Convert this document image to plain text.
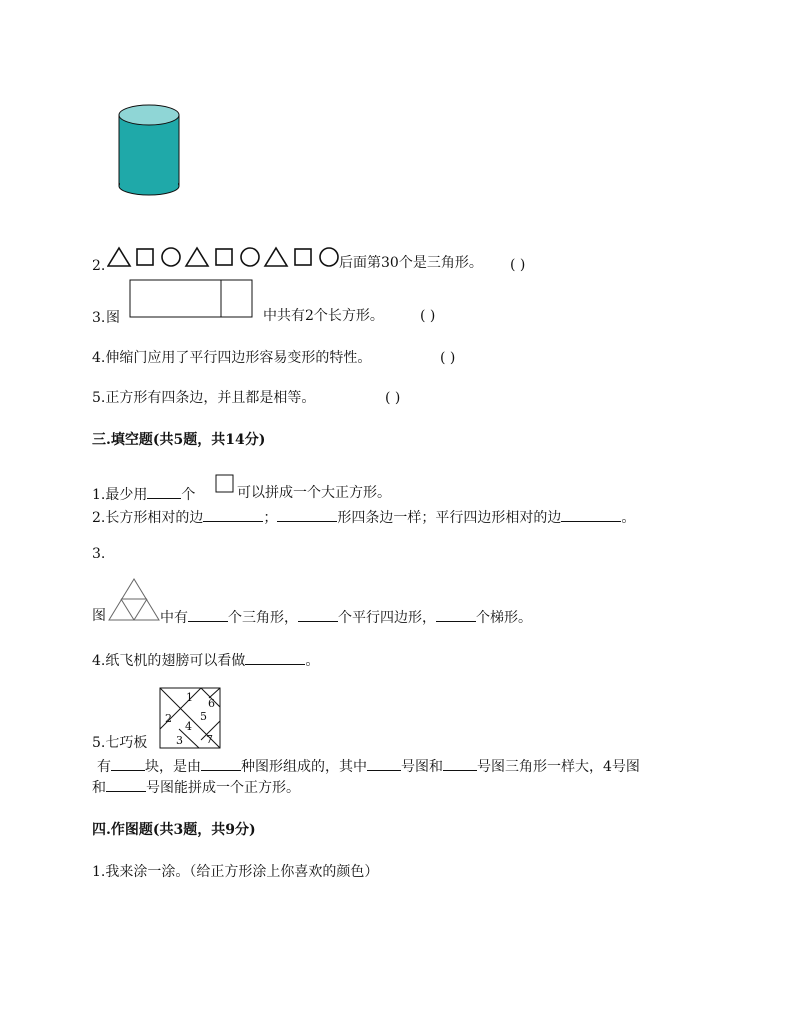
2.	后面第30个是三角形。 ( )
3. 图	中共有2个长方形。	( )
4.伸缩门应用了平行四边形容易变形的特性。	( )
5.正方形有四条边，并且都是相等。	( )
三.填空题(共5题，共14分)
1.最少用 个	可以拼成一个大正方形。
2.长方形相对的边	；	形四条边一样；平行四边形相对的边	。
3.
图	中有	个三角形，	个平行四边形，	个梯形。
4.纸飞机的翅膀可以看做	。
5.七巧板
1 6
2	5
4
3 7
有 块，是由	种图形组成的，其中 号图和 号图三角形一样大，4号图
和	号图能拼成一个正方形。
四.作图题(共3题，共9分)
1.我来涂一涂。（给正方形涂上你喜欢的颜色）
